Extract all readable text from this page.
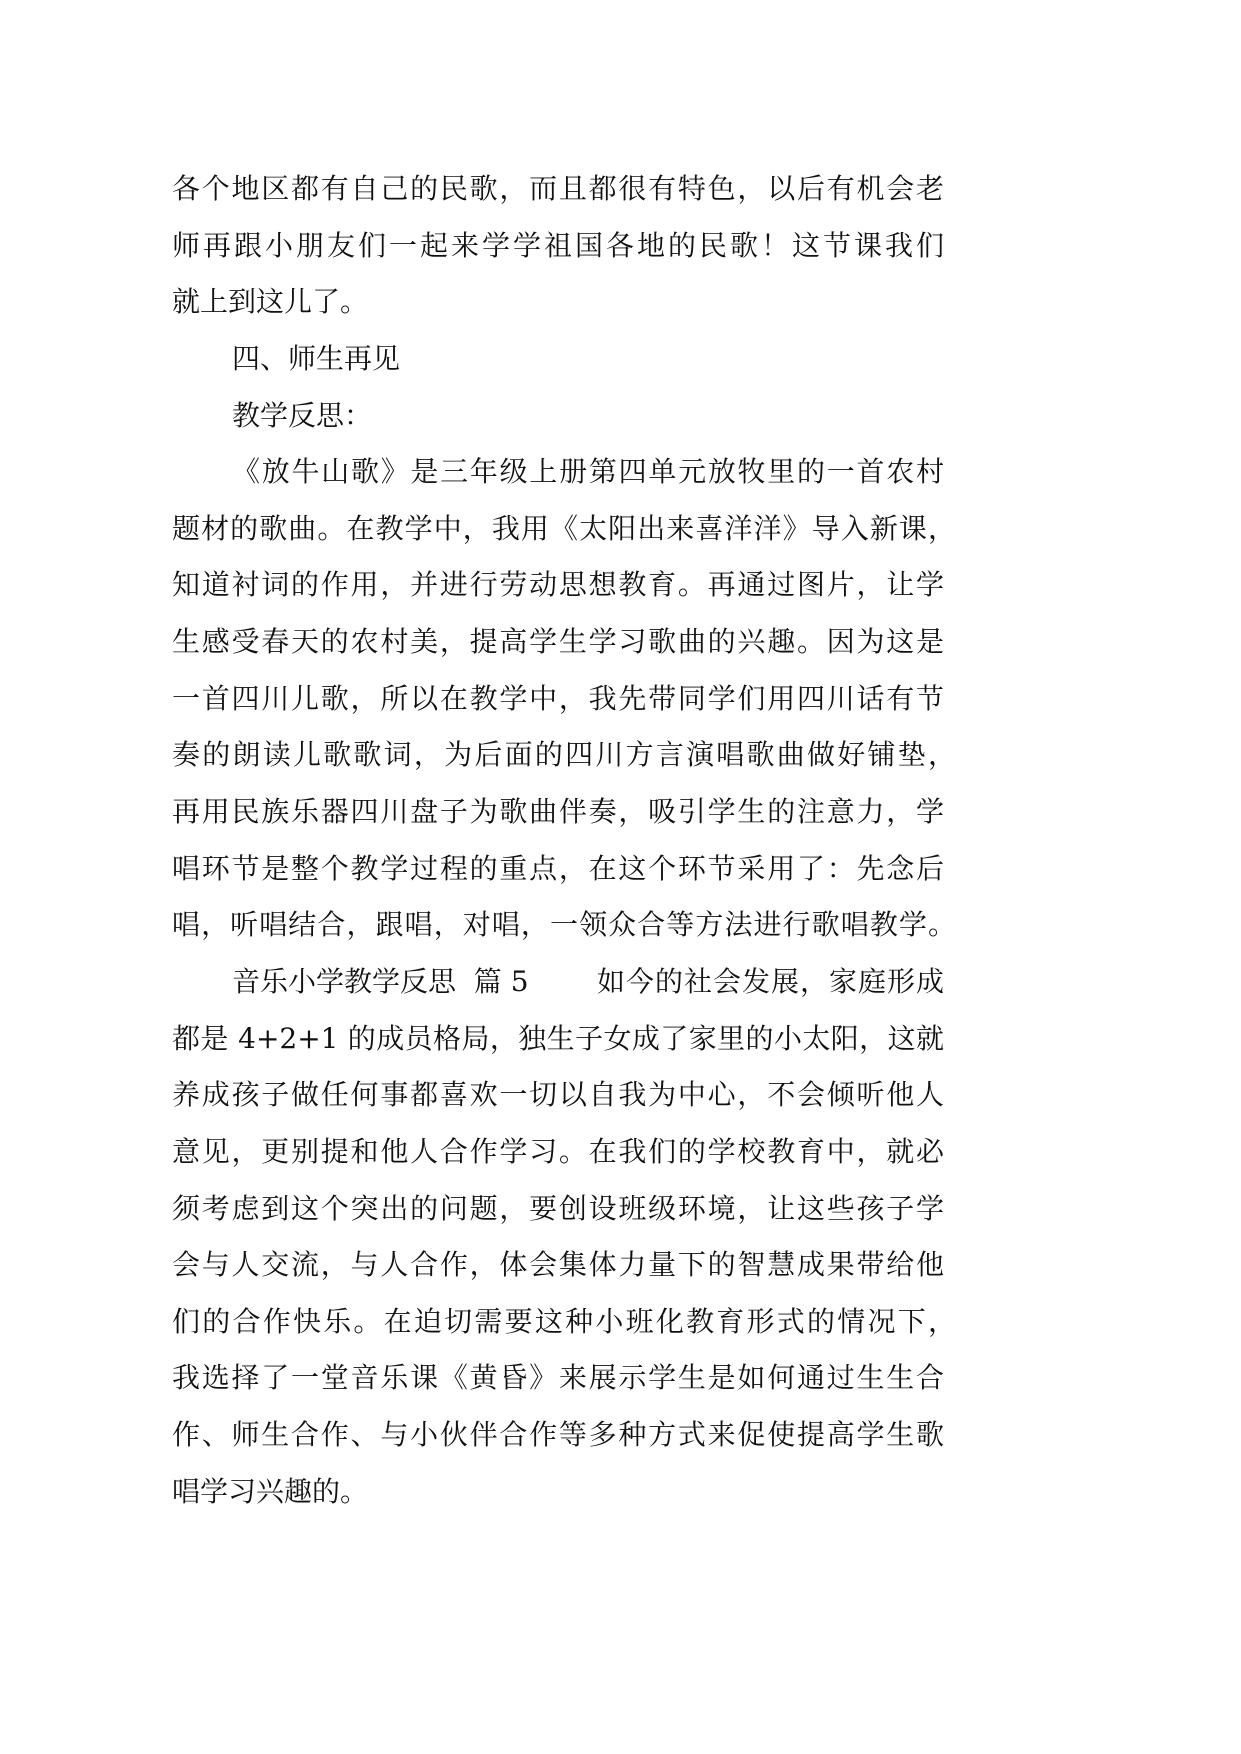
各个地区都有自己的民歌，而且都很有特色，以后有机会老
师再跟小朋友们一起来学学祖国各地的民歌！这节课我们
就上到这儿了。
四、师生再见
教学反思：
《放牛山歌》是三年级上册第四单元放牧里的一首农村
题材的歌曲。在教学中，我用《太阳出来喜洋洋》导入新课，
知道衬词的作用，并进行劳动思想教育。再通过图片，让学
生感受春天的农村美，提高学生学习歌曲的兴趣。因为这是
一首四川儿歌，所以在教学中，我先带同学们用四川话有节
奏的朗读儿歌歌词，为后面的四川方言演唱歌曲做好铺垫，
再用民族乐器四川盘子为歌曲伴奏，吸引学生的注意力，学
唱环节是整个教学过程的重点，在这个环节采用了：先念后
唱，听唱结合，跟唱，对唱，一领众合等方法进行歌唱教学。
音乐小学教学反思  篇 5 如今的社会发展，家庭形成
都是 4+2+1 的成员格局，独生子女成了家里的小太阳，这就
养成孩子做任何事都喜欢一切以自我为中心，不会倾听他人
意见，更别提和他人合作学习。在我们的学校教育中，就必
须考虑到这个突出的问题，要创设班级环境，让这些孩子学
会与人交流，与人合作，体会集体力量下的智慧成果带给他
们的合作快乐。在迫切需要这种小班化教育形式的情况下，
我选择了一堂音乐课《黄昏》来展示学生是如何通过生生合
作、师生合作、与小伙伴合作等多种方式来促使提高学生歌
唱学习兴趣的。
